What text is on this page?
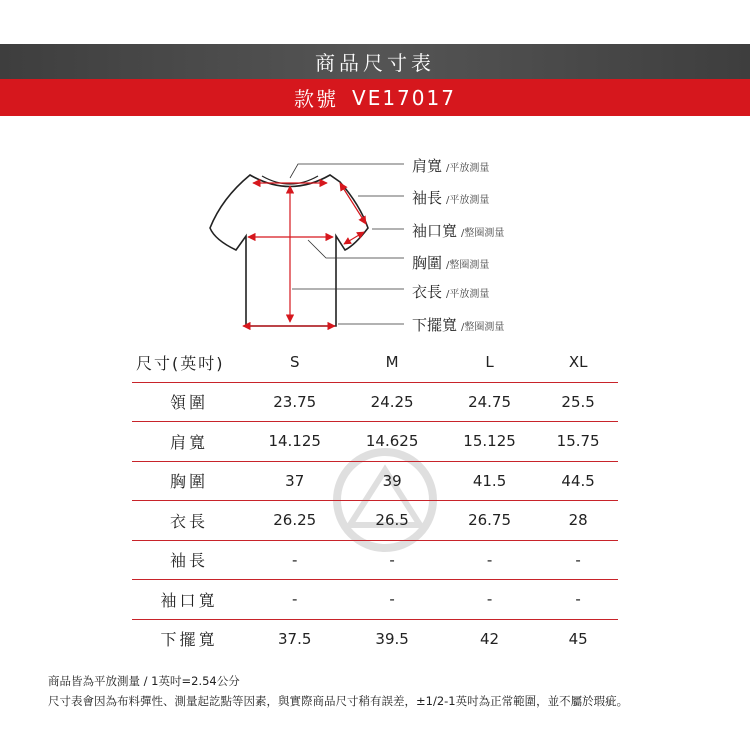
商品尺寸表
款號 VE17017
肩寬 /平放測量
袖長 /平放測量
袖口寬 /整圈測量
胸圍 /整圈測量
衣長 /平放測量
下擺寬 /整圈測量
尺寸(英吋)	S	M	L	XL
領圍	23.75	24.25	24.75	25.5
肩寬	14.125	14.625	15.125	15.75
胸圍	37	39	41.5	44.5
衣長	26.25	26.5	26.75	28
袖長	-	-	-	-
袖口寬	-	-	-	-
下擺寬	37.5	39.5	42	45
商品皆為平放測量 / 1英吋=2.54公分
尺寸表會因為布料彈性、測量起訖點等因素，與實際商品尺寸稍有誤差，±1/2-1英吋為正常範圍，並不屬於瑕疵。
